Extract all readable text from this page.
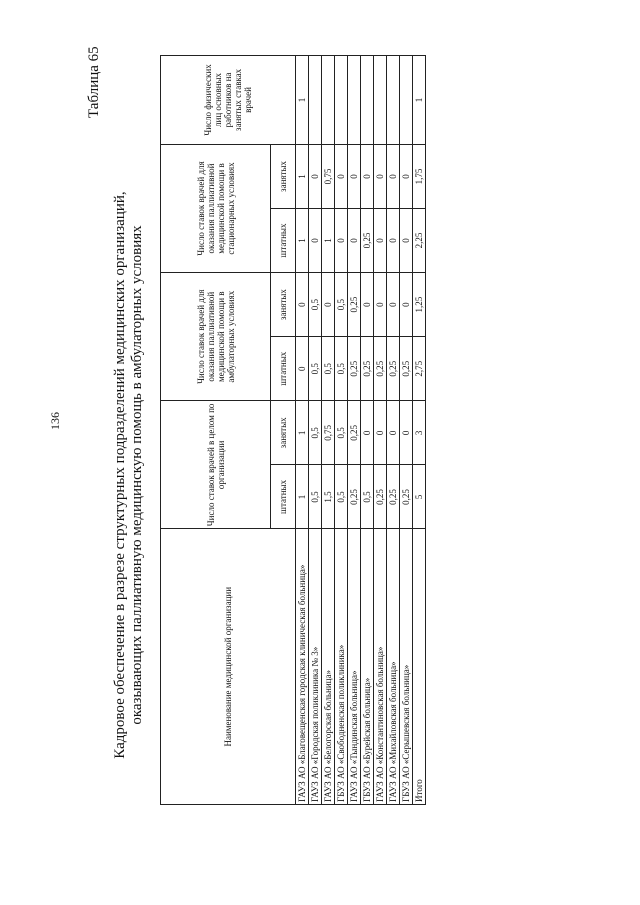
136
Таблица 65
Кадровое обеспечение в разрезе структурных подразделений медицинских организаций, оказывающих паллиативную медицинскую помощь в амбулаторных условиях	Наименование медицинской организации	Число ставок врачей в целом по организации		Число ставок врачей для оказания паллиативной медицинской помощи в амбулаторных условиях		Число ставок врачей для оказания паллиативной медицинской помощи в стационарных условиях		Число физических лиц основных работников на занятых ставках врачей
	штатных	занятых	штатных	занятых	штатных	занятых	
ГАУЗ АО «Благовещенская городская клиническая больница»	1	1	0	0	1	1	1
ГАУЗ АО «Городская поликлиника № 3»	0,5	0,5	0,5	0,5	0	0	
ГАУЗ АО «Белогорская больница»	1,5	0,75	0,5	0	1	0,75	
ГБУЗ АО «Свободненская поликлиника»	0,5	0,5	0,5	0,5	0	0	
ГАУЗ АО «Тындинская больница»	0,25	0,25	0,25	0,25	0	0	
ГБУЗ АО «Бурейская больница»	0,5	0	0,25	0	0,25	0	
ГАУЗ АО «Константиновская больница»	0,25	0	0,25	0	0	0	
ГАУЗ АО «Михайловская больница»	0,25	0	0,25	0	0	0	
ГБУЗ АО «Серышевская больница»	0,25	0	0,25	0	0	0	
Итого	5	3	2,75	1,25	2,25	1,75	1
